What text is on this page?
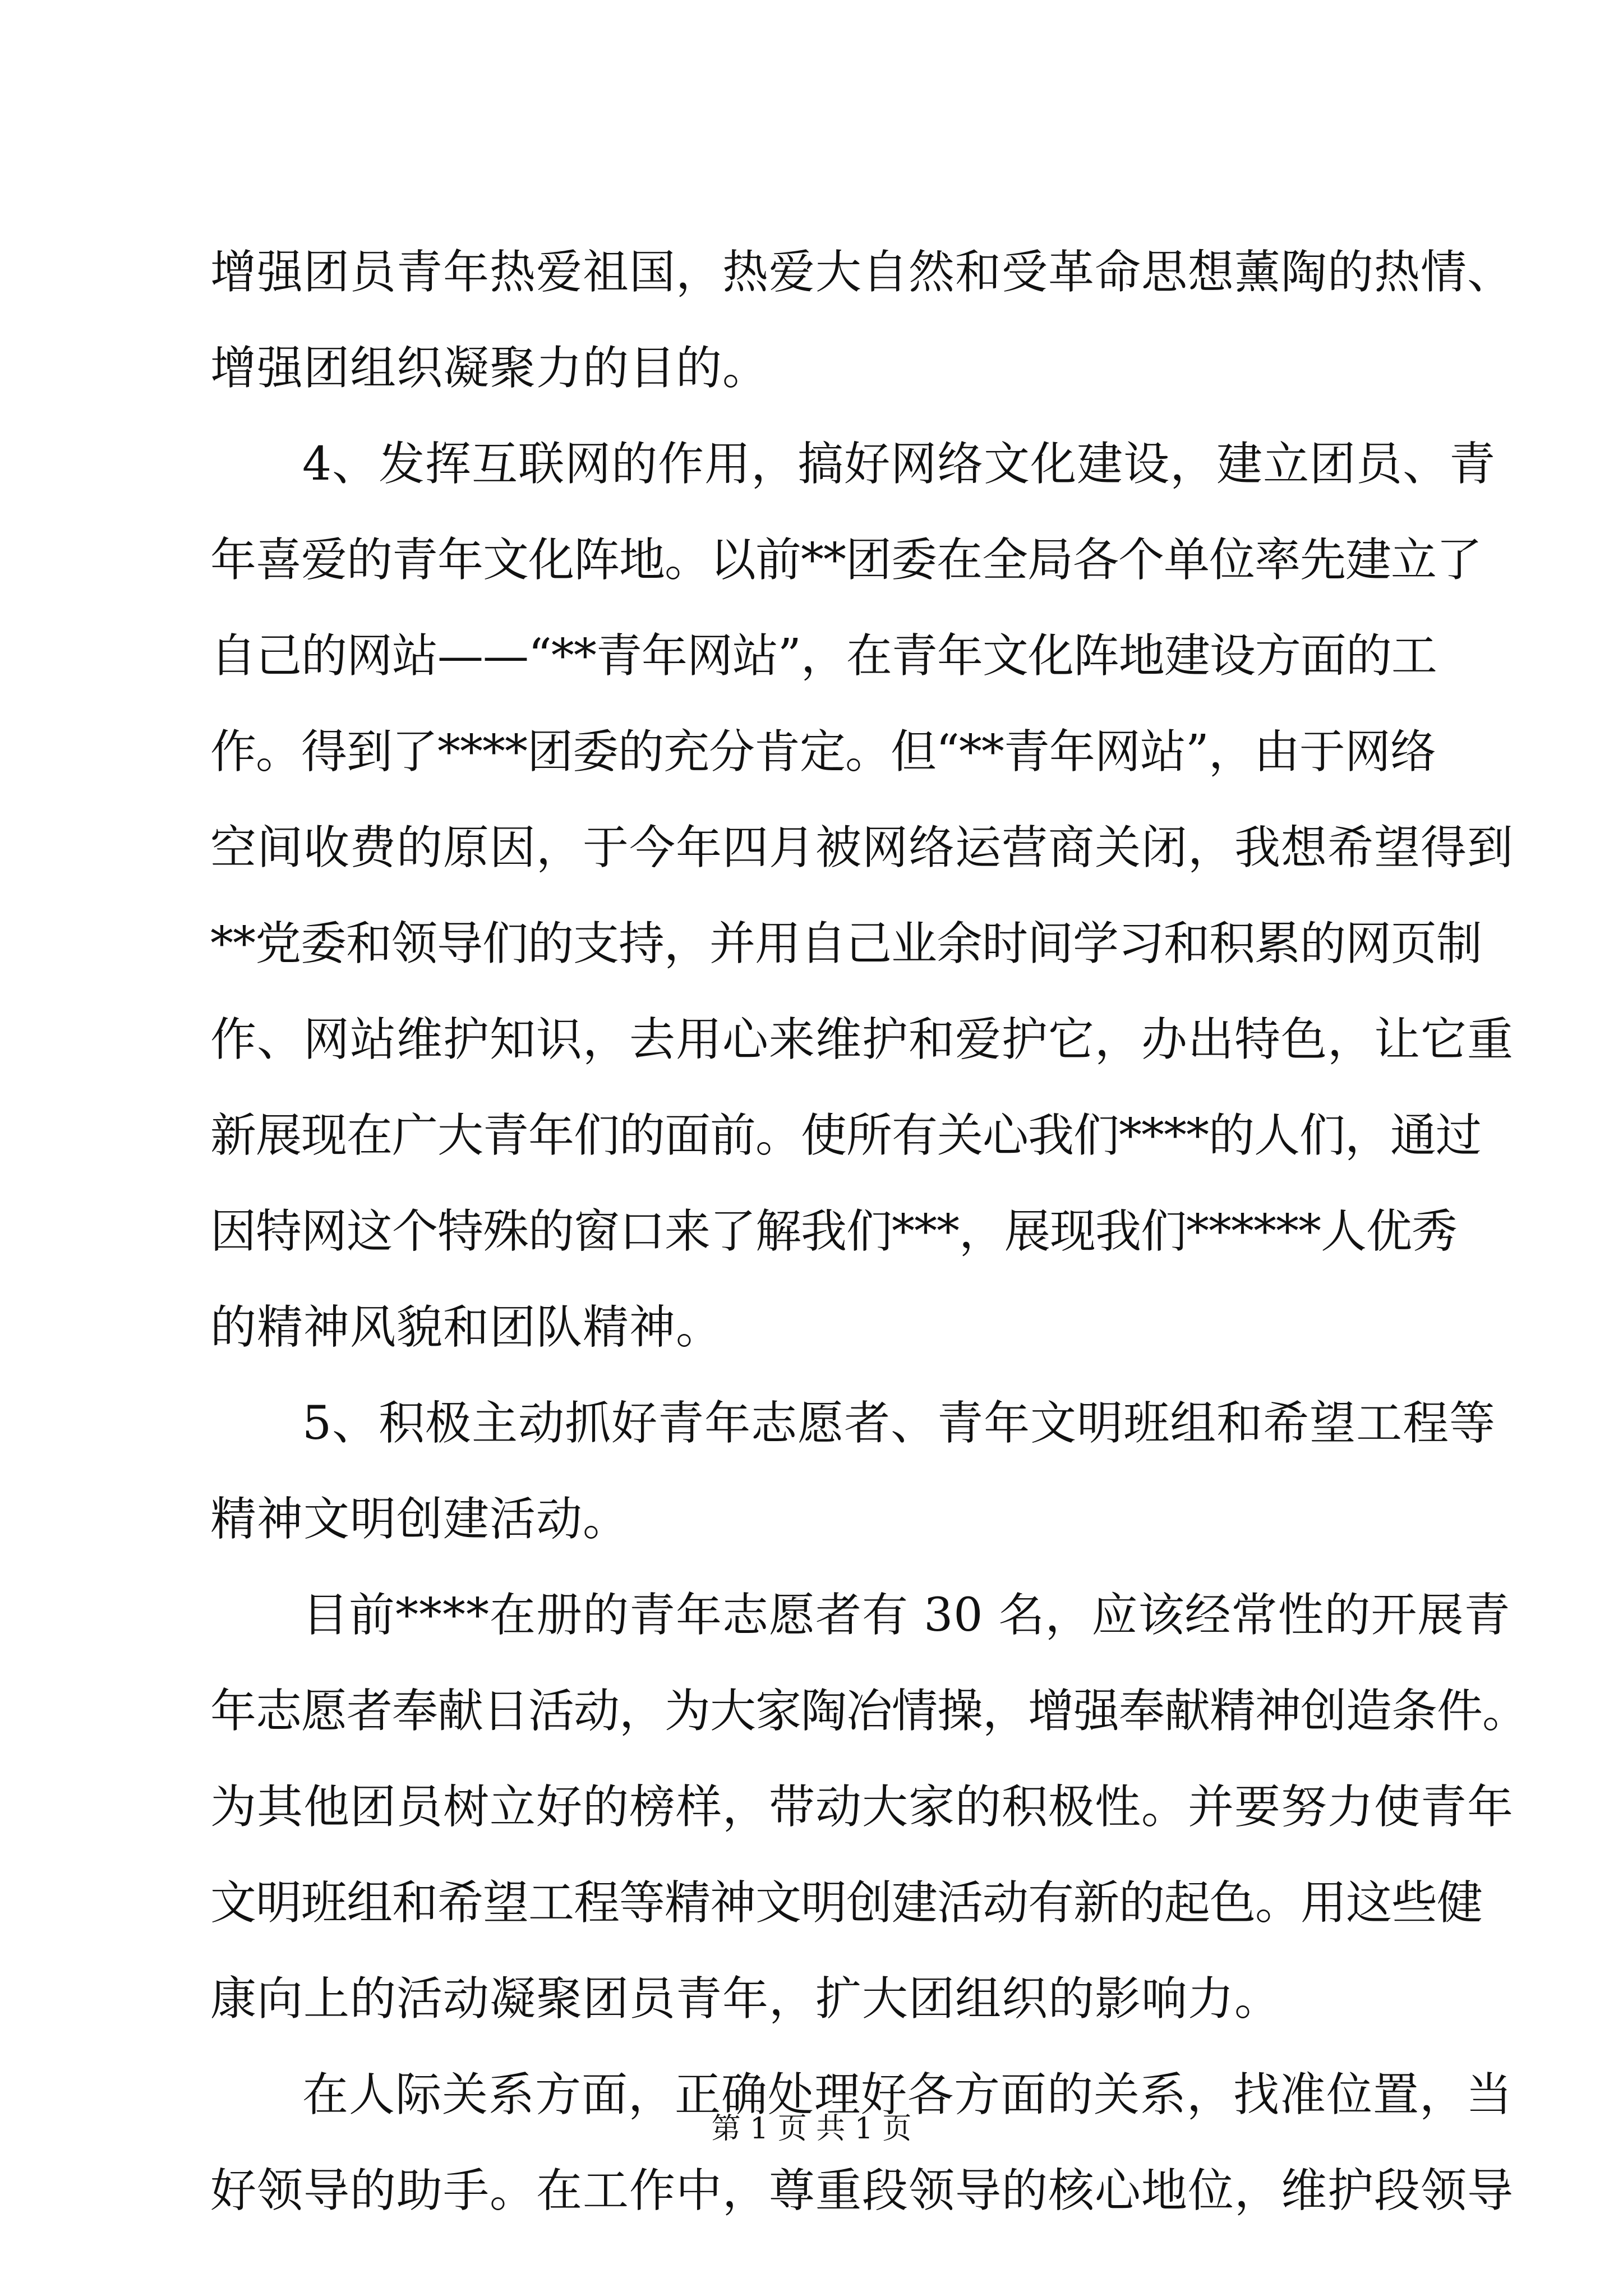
增强团员青年热爱祖国，热爱大自然和受革命思想薰陶的热情、
增强团组织凝聚力的目的。
4、发挥互联网的作用，搞好网络文化建设，建立团员、青
年喜爱的青年文化阵地。以前**团委在全局各个单位率先建立了
自己的网站——“**青年网站”，在青年文化阵地建设方面的工
作。得到了****团委的充分肯定。但“**青年网站”，由于网络
空间收费的原因，于今年四月被网络运营商关闭，我想希望得到
**党委和领导们的支持，并用自己业余时间学习和积累的网页制
作、网站维护知识，去用心来维护和爱护它，办出特色，让它重
新展现在广大青年们的面前。使所有关心我们****的人们，通过
因特网这个特殊的窗口来了解我们***，展现我们******人优秀
的精神风貌和团队精神。
5、积极主动抓好青年志愿者、青年文明班组和希望工程等
精神文明创建活动。
目前****在册的青年志愿者有 30 名，应该经常性的开展青
年志愿者奉献日活动，为大家陶冶情操，增强奉献精神创造条件。
为其他团员树立好的榜样，带动大家的积极性。并要努力使青年
文明班组和希望工程等精神文明创建活动有新的起色。用这些健
康向上的活动凝聚团员青年，扩大团组织的影响力。
在人际关系方面，正确处理好各方面的关系，找准位置，当
好领导的助手。在工作中，尊重段领导的核心地位，维护段领导
第 1 页 共 1 页
